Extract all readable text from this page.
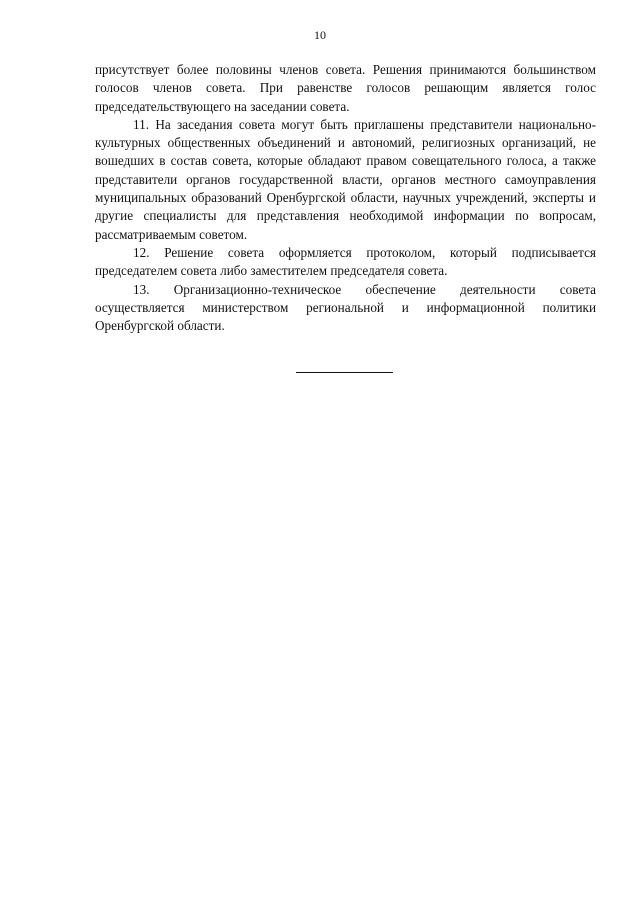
10

присутствует более половины членов совета. Решения принимаются большинством голосов членов совета. При равенстве голосов решающим является голос председательствующего на заседании совета.

11. На заседания совета могут быть приглашены представители национально-культурных общественных объединений и автономий, религиозных организаций, не вошедших в состав совета, которые обладают правом совещательного голоса, а также представители органов государственной власти, органов местного самоуправления муниципальных образований Оренбургской области, научных учреждений, эксперты и другие специалисты для представления необходимой информации по вопросам, рассматриваемым советом.

12. Решение совета оформляется протоколом, который подписывается председателем совета либо заместителем председателя совета.

13. Организационно-техническое обеспечение деятельности совета осуществляется министерством региональной и информационной политики Оренбургской области.
